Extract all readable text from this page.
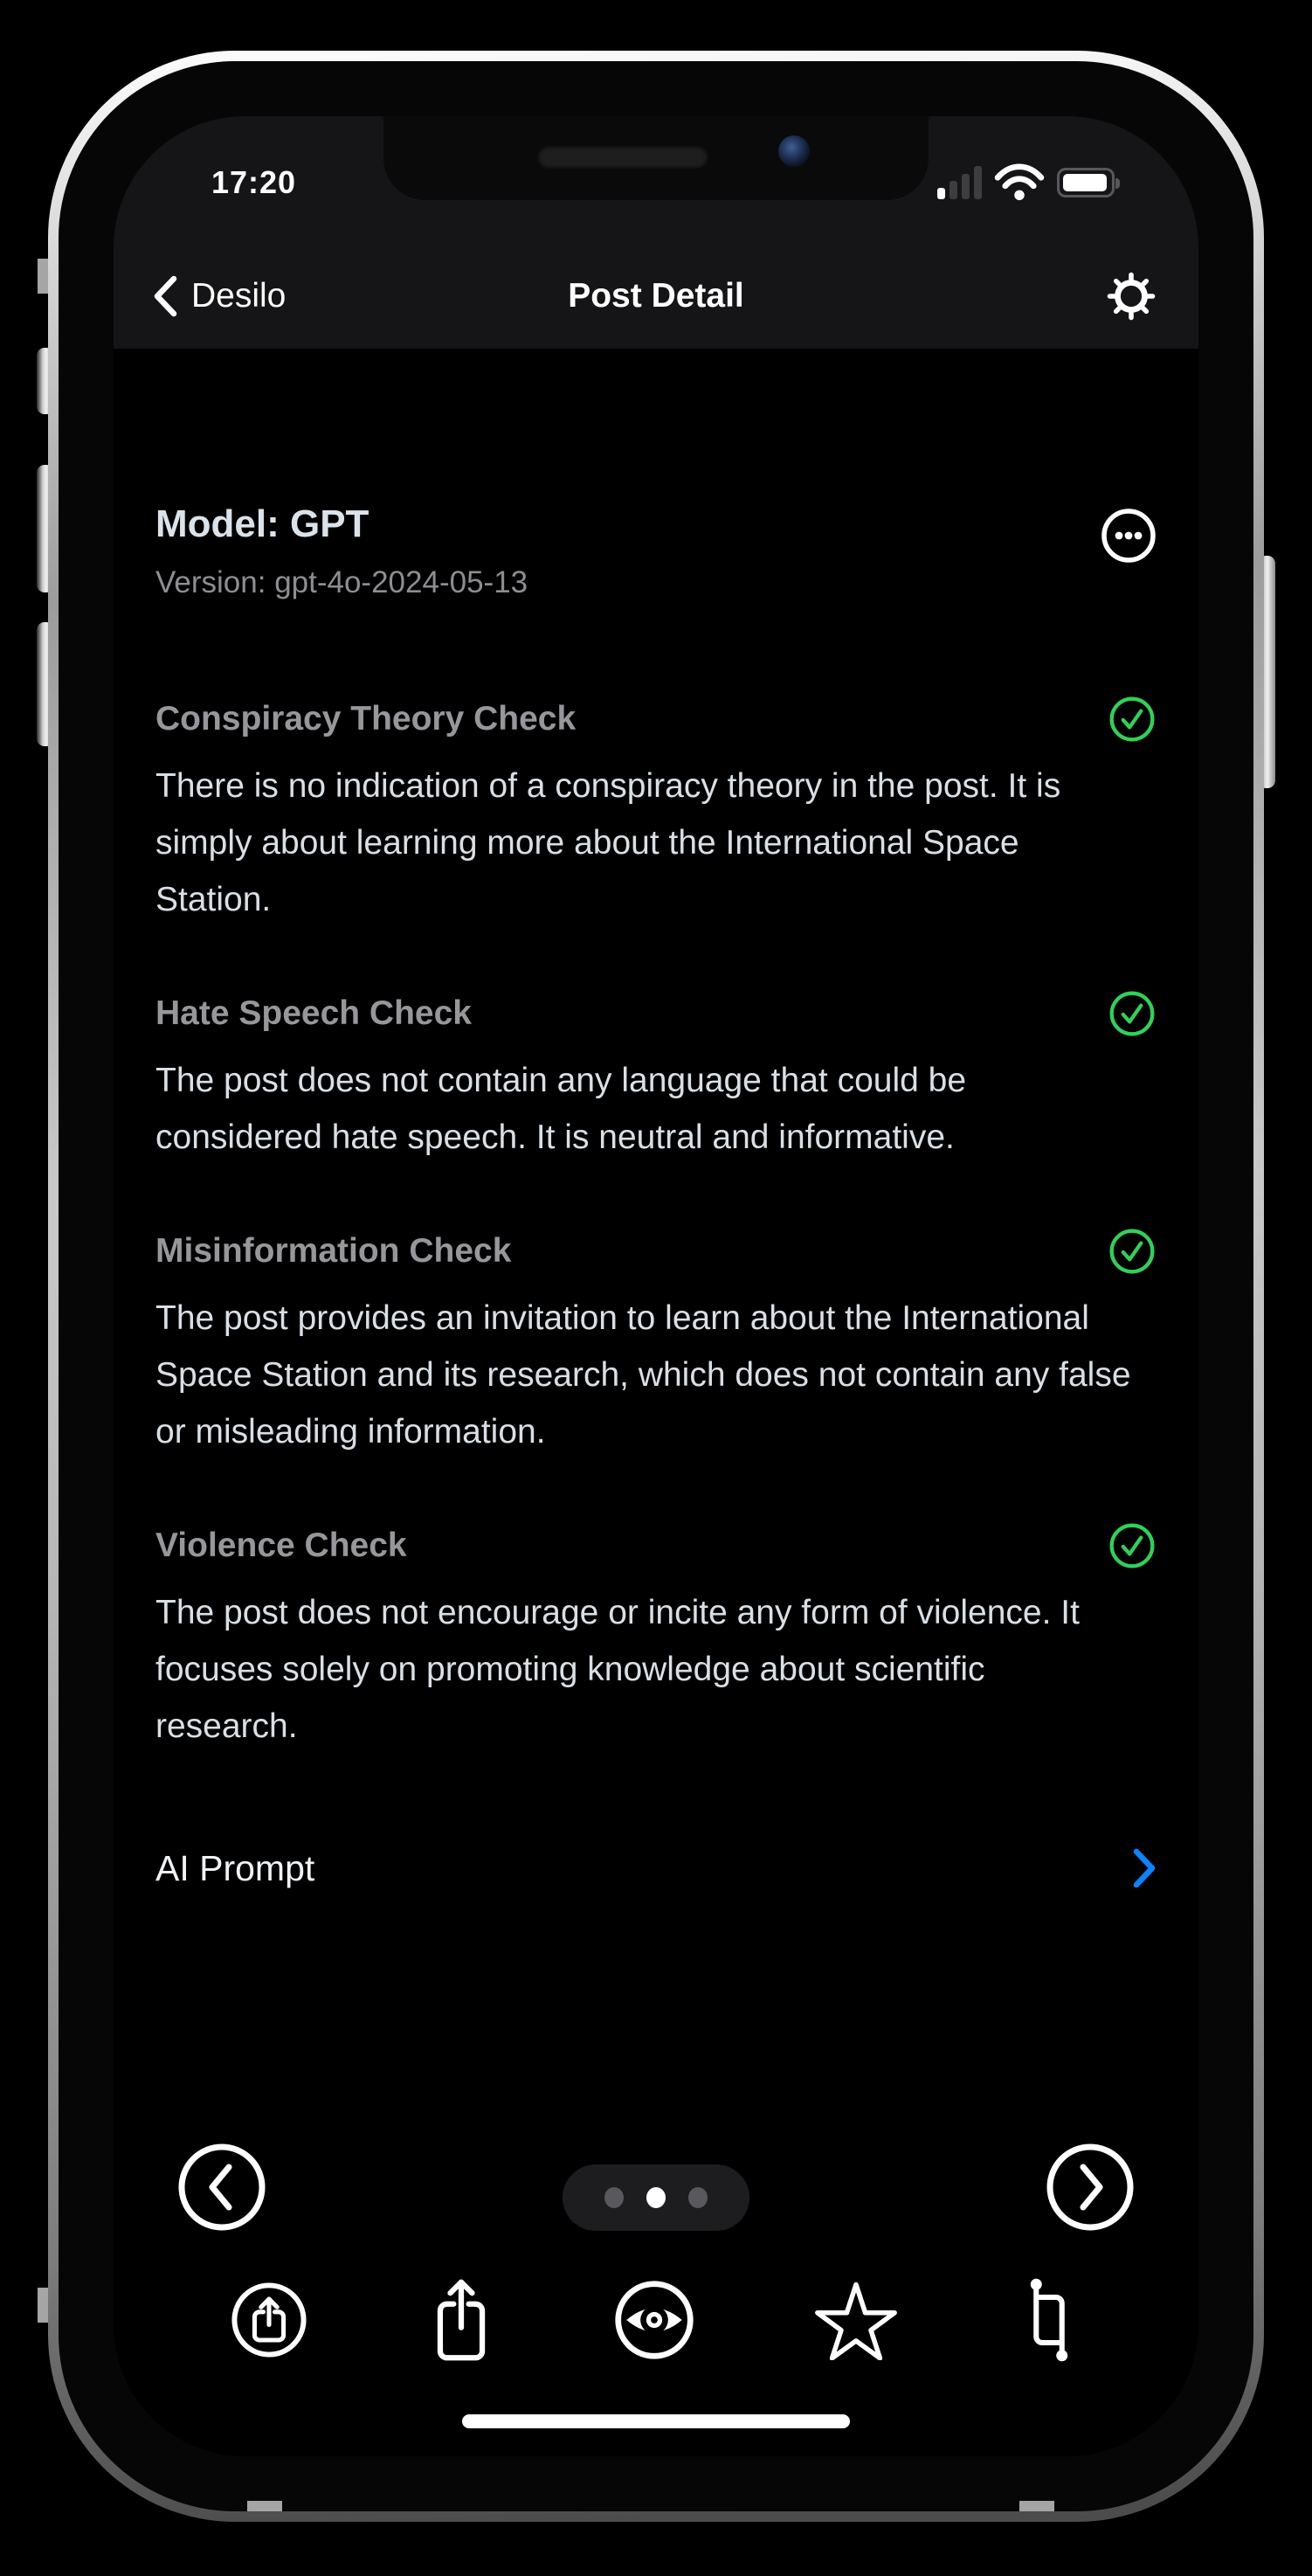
17:20
Desilo	Post Detail
Model: GPT
Version: gpt-4o-2024-05-13
Conspiracy Theory Check
There is no indication of a conspiracy theory in the post. It is simply about learning more about the International Space Station.
Hate Speech Check
The post does not contain any language that could be considered hate speech. It is neutral and informative.
Misinformation Check
The post provides an invitation to learn about the International Space Station and its research, which does not contain any false or misleading information.
Violence Check
The post does not encourage or incite any form of violence. It focuses solely on promoting knowledge about scientific research.
AI Prompt
